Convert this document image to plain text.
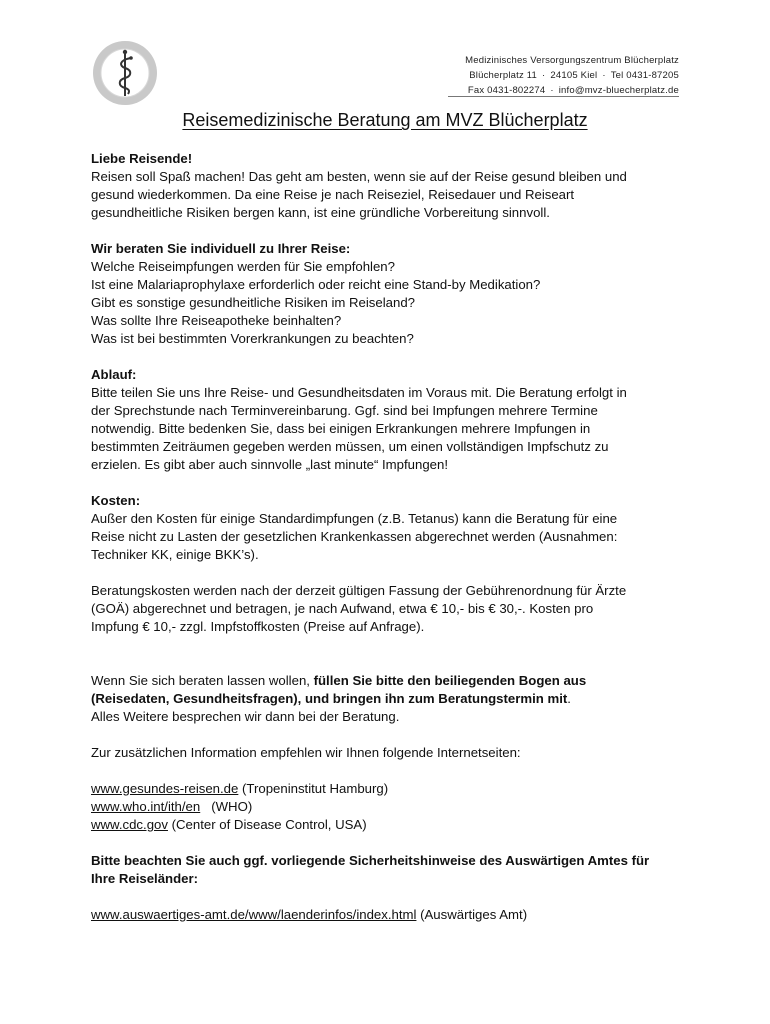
Medizinisches Versorgungszentrum Blücherplatz
Blücherplatz 11 · 24105 Kiel · Tel 0431-87205
Fax 0431-802274 · info@mvz-bluecherplatz.de
Reisemedizinische Beratung am MVZ Blücherplatz

Liebe Reisende!

Reisen soll Spaß machen! Das geht am besten, wenn sie auf der Reise gesund bleiben und

gesund wiederkommen. Da eine Reise je nach Reiseziel, Reisedauer und Reiseart

gesundheitliche Risiken bergen kann, ist eine gründliche Vorbereitung sinnvoll.

Wir beraten Sie individuell zu Ihrer Reise:

Welche Reiseimpfungen werden für Sie empfohlen?

Ist eine Malariaprophylaxe erforderlich oder reicht eine Stand-by Medikation?

Gibt es sonstige gesundheitliche Risiken im Reiseland?

Was sollte Ihre Reiseapotheke beinhalten?

Was ist bei bestimmten Vorerkrankungen zu beachten?

Ablauf:

Bitte teilen Sie uns Ihre Reise- und Gesundheitsdaten im Voraus mit. Die Beratung erfolgt in

der Sprechstunde nach Terminvereinbarung. Ggf. sind bei Impfungen mehrere Termine

notwendig. Bitte bedenken Sie, dass bei einigen Erkrankungen mehrere Impfungen in

bestimmten Zeiträumen gegeben werden müssen, um einen vollständigen Impfschutz zu

erzielen. Es gibt aber auch sinnvolle „last minute“ Impfungen!

Kosten:

Außer den Kosten für einige Standardimpfungen (z.B. Tetanus) kann die Beratung für eine

Reise nicht zu Lasten der gesetzlichen Krankenkassen abgerechnet werden (Ausnahmen:

Techniker KK, einige BKK’s).

Beratungskosten werden nach der derzeit gültigen Fassung der Gebührenordnung für Ärzte

(GOÄ) abgerechnet und betragen, je nach Aufwand, etwa € 10,- bis € 30,-. Kosten pro

Impfung € 10,- zzgl. Impfstoffkosten (Preise auf Anfrage).

Wenn Sie sich beraten lassen wollen, füllen Sie bitte den beiliegenden Bogen aus

(Reisedaten, Gesundheitsfragen), und bringen ihn zum Beratungstermin mit.

Alles Weitere besprechen wir dann bei der Beratung.

Zur zusätzlichen Information empfehlen wir Ihnen folgende Internetseiten:

www.gesundes-reisen.de (Tropeninstitut Hamburg)

www.who.int/ith/en   (WHO)

www.cdc.gov (Center of Disease Control, USA)

Bitte beachten Sie auch ggf. vorliegende Sicherheitshinweise des Auswärtigen Amtes für

Ihre Reiseländer:

www.auswaertiges-amt.de/www/laenderinfos/index.html (Auswärtiges Amt)
